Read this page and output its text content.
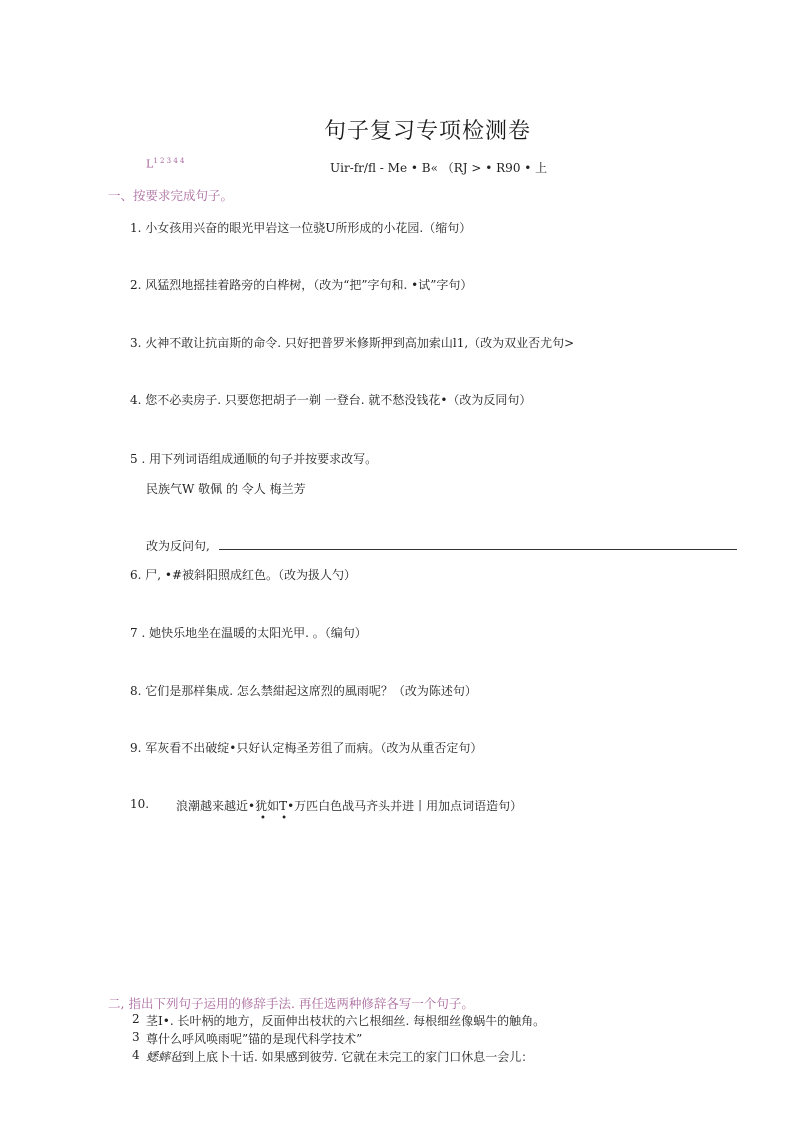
句子复习专项检测卷
$L^{1 2 3 4 4}$	Uir-fr/fl - Me • B« （RJ > • R90 • 上
一、按要求完成句子。
1. 小女孩用兴奋的眼光甲岩这一位骁U所形成的小花园.（缩句）
2. 风猛烈地摇挂着路旁的白桦树，（改为“把”字句和. •试”字句）
3. 火神不敢让抗亩斯的命令. 只好把普罗米修斯押到高加索山l1,（改为双业否尤句>
4. 您不必卖房子. 只要您把胡子一剃 一登台. 就不愁没钱花•（改为反同句）
5 . 用下列词语组成通顺的句子并按要求改写。
民族气W 敬佩 的 令人 梅兰芳
改为反问句,
6. 尸, •#被斜阳照成红色。（改为扱人勺）
7 . 她快乐地坐在温暖的太阳光甲. 。（编句）
8. 它们是那样集成. 怎么禁紺起这席烈的風雨呢？（改为陈述句）
9. 军灰看不出破绽•只好认定梅圣芳徂了而病。（改为从重否定句）
10. 浪潮越来越近•犹如T•万匹白色战马齐头并进丨用加点词语造句）
• •
二, 指出下列句子运用的修辞手法. 再任选两种修辞各写一个句子。
2 茎I•. 长叶柄的地方，反面伸出枝状的六匕根细丝. 每根细丝像蜗牛的触角。
3 尊什么呼风唤雨呢”锚的是现代科学技术”
4 蟋蟀毡到上底卜十话. 如果感到彼劳. 它就在未完工的家门口休息一会儿：
